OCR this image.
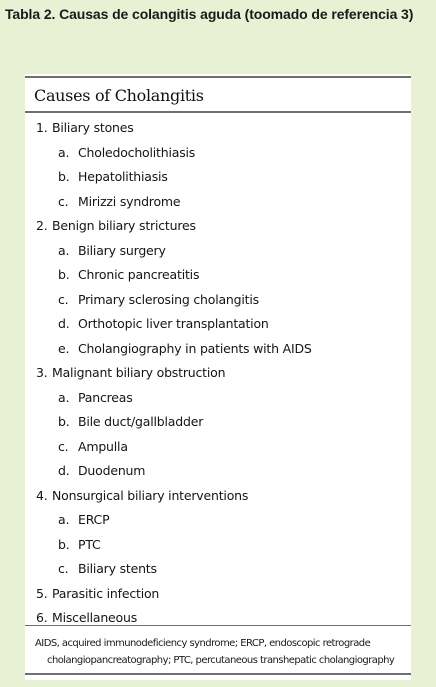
Tabla 2. Causas de colangitis aguda (toomado de referencia 3)
Causes of Cholangitis
1. Biliary stones
a. Choledocholithiasis
b. Hepatolithiasis
c. Mirizzi syndrome
2. Benign biliary strictures
a. Biliary surgery
b. Chronic pancreatitis
c. Primary sclerosing cholangitis
d. Orthotopic liver transplantation
e. Cholangiography in patients with AIDS
3. Malignant biliary obstruction
a. Pancreas
b. Bile duct/gallbladder
c. Ampulla
d. Duodenum
4. Nonsurgical biliary interventions
a. ERCP
b. PTC
c. Biliary stents
5. Parasitic infection
6. Miscellaneous
AIDS, acquired immunodeficiency syndrome; ERCP, endoscopic retrograde
cholangiopancreatography; PTC, percutaneous transhepatic cholangiography
